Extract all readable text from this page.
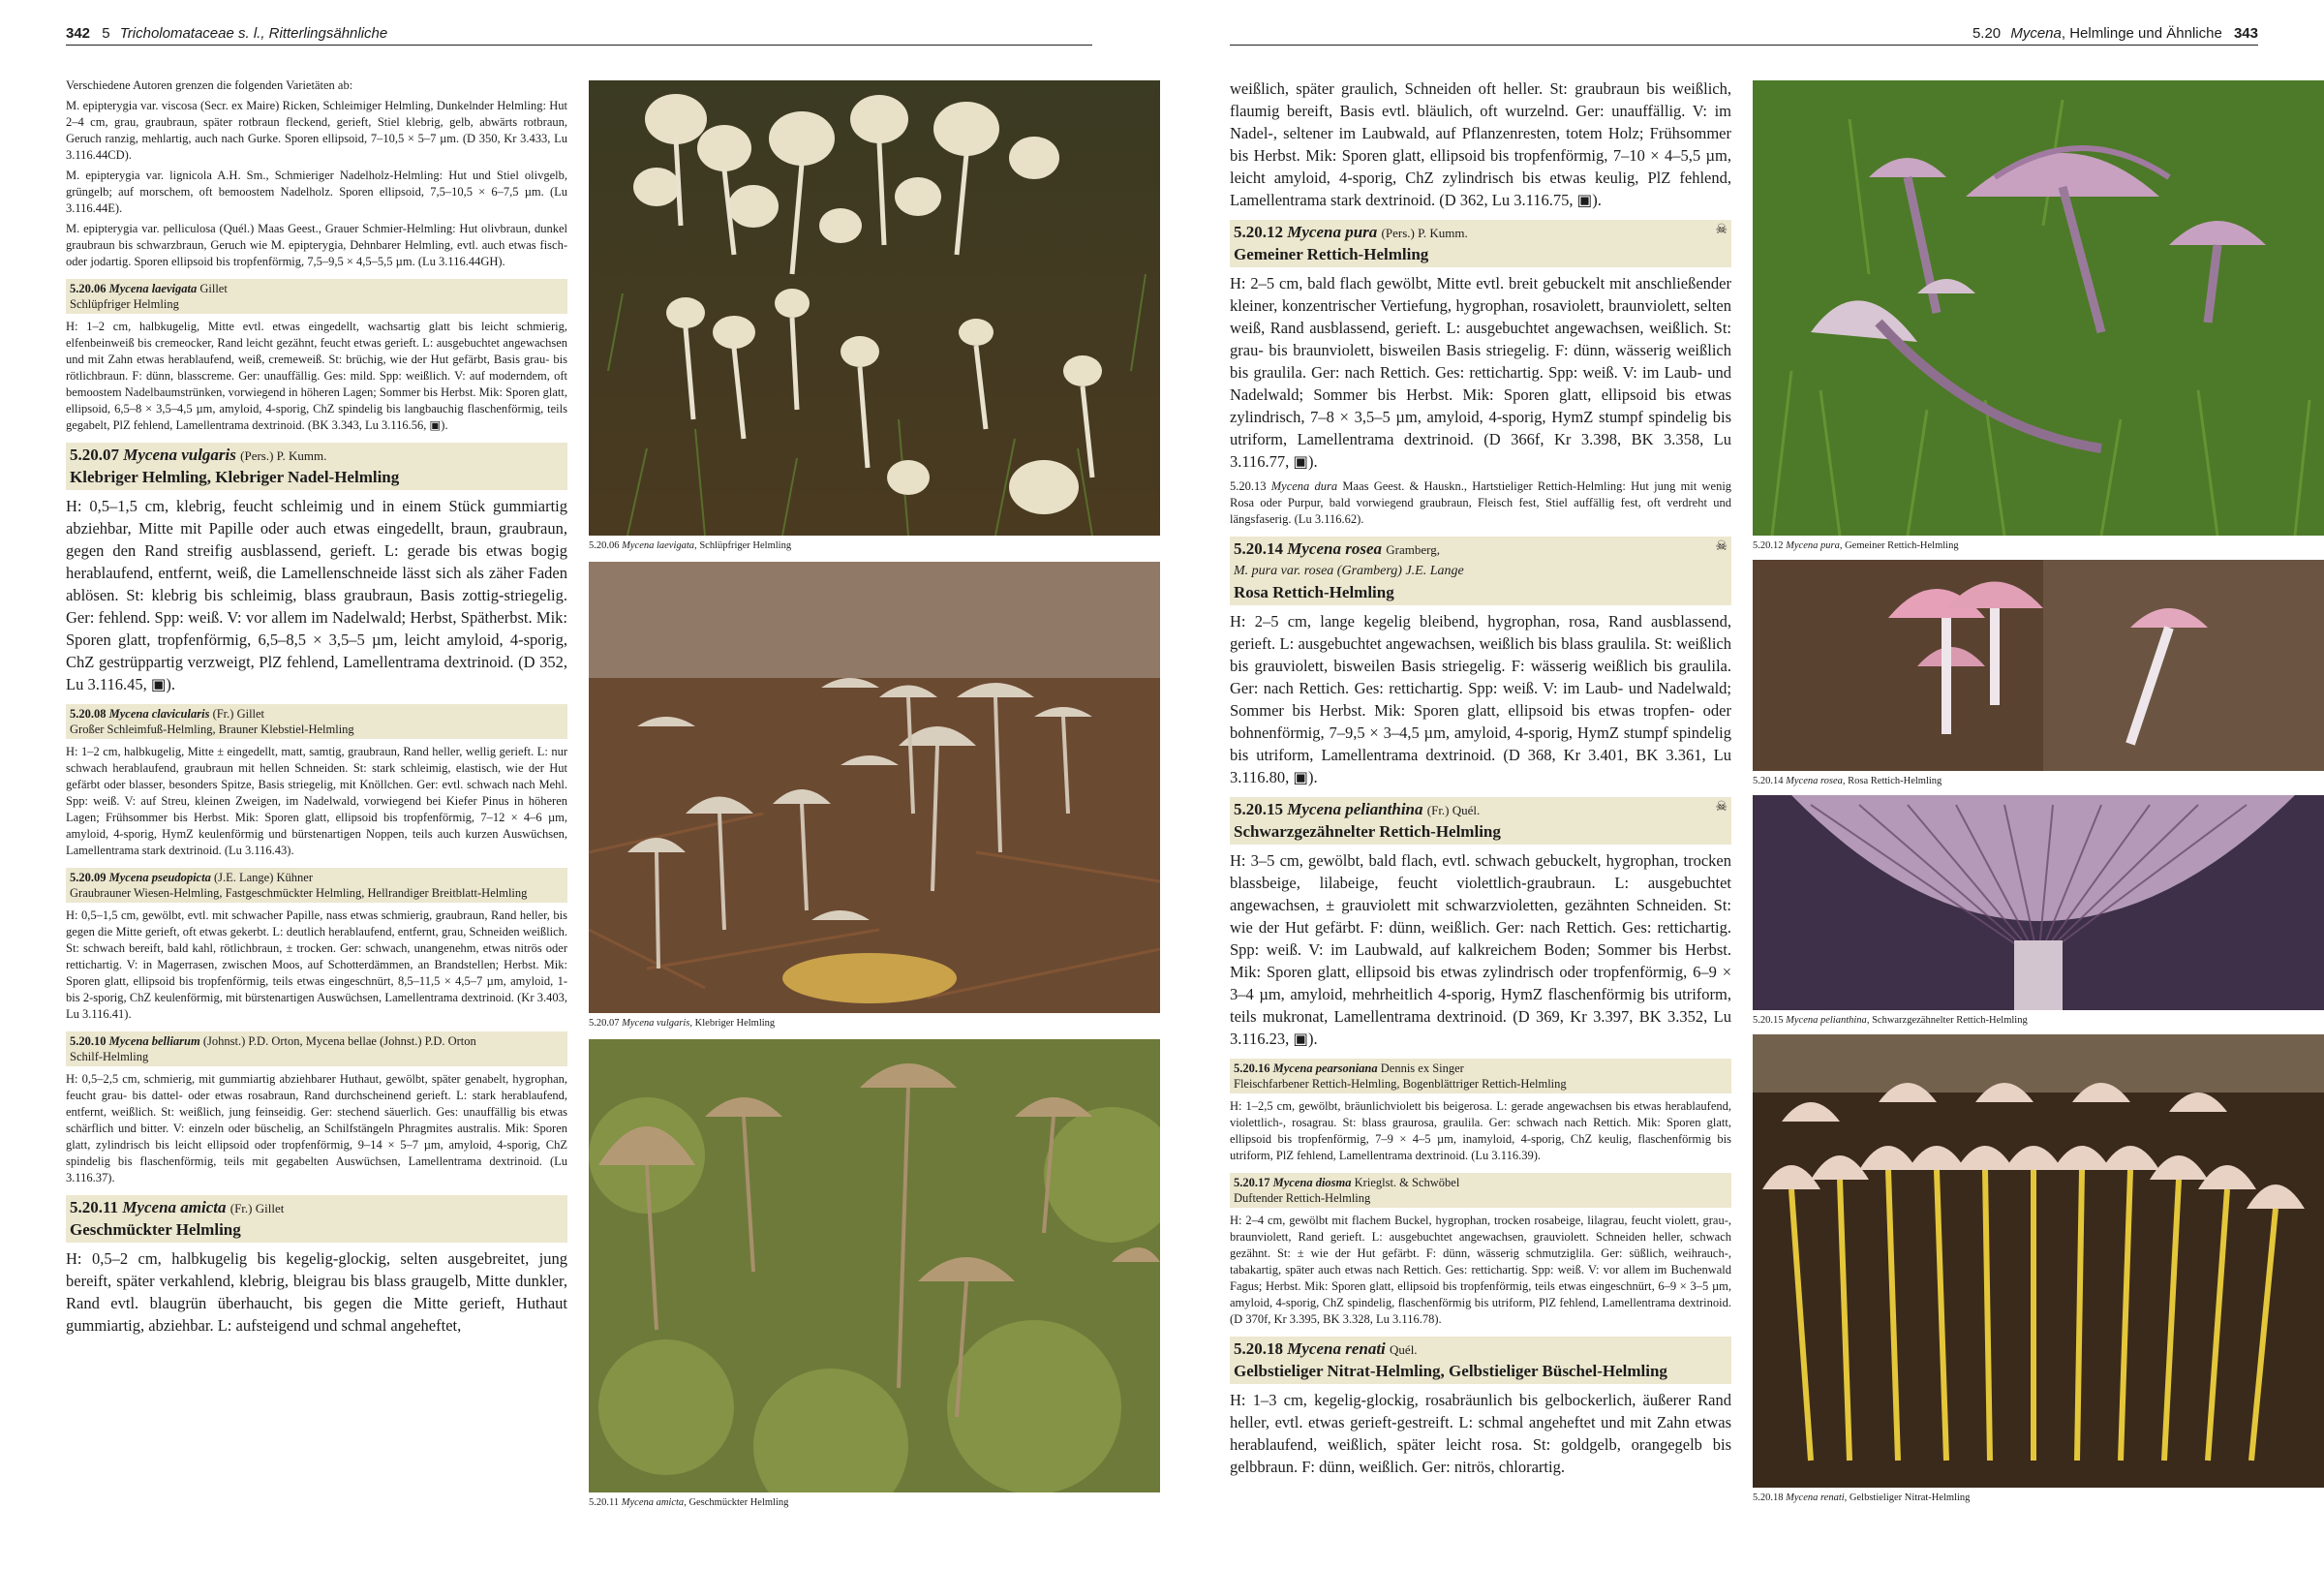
342 5 Tricholomataceae s. l., Ritterlingsähnliche

Verschiedene Autoren grenzen die folgenden Varietäten ab:

M. epipterygia var. viscosa (Secr. ex Maire) Ricken, Schleimiger Helmling, Dunkelnder Helmling: Hut 2–4 cm, grau, graubraun, später rotbraun fleckend, gerieft, Stiel klebrig, gelb, abwärts rotbraun, Geruch ranzig, mehlartig, auch nach Gurke. Sporen ellipsoid, 7–10,5 × 5–7 µm. (D 350, Kr 3.433, Lu 3.116.44CD).

M. epipterygia var. lignicola A.H. Sm., Schmieriger Nadelholz-Helmling: Hut und Stiel olivgelb, grüngelb; auf morschem, oft bemoostem Nadelholz. Sporen ellipsoid, 7,5–10,5 × 6–7,5 µm. (Lu 3.116.44E).

M. epipterygia var. pelliculosa (Quél.) Maas Geest., Grauer Schmier-Helmling: Hut olivbraun, dunkel graubraun bis schwarzbraun, Geruch wie M. epipterygia, Dehnbarer Helmling, evtl. auch etwas fisch- oder jodartig. Sporen ellipsoid bis tropfenförmig, 7,5–9,5 × 4,5–5,5 µm. (Lu 3.116.44GH).

5.20.06 Mycena laevigata Gillet
Schlüpfriger Helmling

H: 1–2 cm, halbkugelig, Mitte evtl. etwas eingedellt, wachsartig glatt bis leicht schmierig, elfenbeinweiß bis cremeocker, Rand leicht gezähnt, feucht etwas gerieft. L: ausgebuchtet angewachsen und mit Zahn etwas herablaufend, weiß, cremeweiß. St: brüchig, wie der Hut gefärbt, Basis grau- bis rötlichbraun. F: dünn, blasscreme. Ger: unauffällig. Ges: mild. Spp: weißlich. V: auf moderndem, oft bemoostem Nadelbaumstrünken, vorwiegend in höheren Lagen; Sommer bis Herbst. Mik: Sporen glatt, ellipsoid, 6,5–8 × 3,5–4,5 µm, amyloid, 4-sporig, ChZ spindelig bis langbauchig flaschenförmig, teils gegabelt, PlZ fehlend, Lamellentrama dextrinoid. (BK 3.343, Lu 3.116.56, ▣).

5.20.07 Mycena vulgaris (Pers.) P. Kumm.
Klebriger Helmling, Klebriger Nadel-Helmling

H: 0,5–1,5 cm, klebrig, feucht schleimig und in einem Stück gummiartig abziehbar, Mitte mit Papille oder auch etwas eingedellt, braun, graubraun, gegen den Rand streifig ausblassend, gerieft. L: gerade bis etwas bogig herablaufend, entfernt, weiß, die Lamellenschneide lässt sich als zäher Faden ablösen. St: klebrig bis schleimig, blass graubraun, Basis zottig-striegelig. Ger: fehlend. Spp: weiß. V: vor allem im Nadelwald; Herbst, Spätherbst. Mik: Sporen glatt, tropfenförmig, 6,5–8,5 × 3,5–5 µm, leicht amyloid, 4-sporig, ChZ gestrüppartig verzweigt, PlZ fehlend, Lamellentrama dextrinoid. (D 352, Lu 3.116.45, ▣).

5.20.08 Mycena clavicularis (Fr.) Gillet
Großer Schleimfuß-Helmling, Brauner Klebstiel-Helmling

H: 1–2 cm, halbkugelig, Mitte ± eingedellt, matt, samtig, graubraun, Rand heller, wellig gerieft. L: nur schwach herablaufend, graubraun mit hellen Schneiden. St: stark schleimig, elastisch, wie der Hut gefärbt oder blasser, besonders Spitze, Basis striegelig, mit Knöllchen. Ger: evtl. schwach nach Mehl. Spp: weiß. V: auf Streu, kleinen Zweigen, im Nadelwald, vorwiegend bei Kiefer Pinus in höheren Lagen; Frühsommer bis Herbst. Mik: Sporen glatt, ellipsoid bis tropfenförmig, 7–12 × 4–6 µm, amyloid, 4-sporig, HymZ keulenförmig und bürstenartigen Noppen, teils auch kurzen Auswüchsen, Lamellentrama stark dextrinoid. (Lu 3.116.43).

5.20.09 Mycena pseudopicta (J.E. Lange) Kühner
Graubrauner Wiesen-Helmling, Fastgeschmückter Helmling, Hellrandiger Breitblatt-Helmling

H: 0,5–1,5 cm, gewölbt, evtl. mit schwacher Papille, nass etwas schmierig, graubraun, Rand heller, bis gegen die Mitte gerieft, oft etwas gekerbt. L: deutlich herablaufend, entfernt, grau, Schneiden weißlich. St: schwach bereift, bald kahl, rötlichbraun, ± trocken. Ger: schwach, unangenehm, etwas nitrös oder rettichartig. V: in Magerrasen, zwischen Moos, auf Schotterdämmen, an Brandstellen; Herbst. Mik: Sporen glatt, ellipsoid bis tropfenförmig, teils etwas eingeschnürt, 8,5–11,5 × 4,5–7 µm, amyloid, 1- bis 2-sporig, ChZ keulenförmig, mit bürstenartigen Auswüchsen, Lamellentrama dextrinoid. (Kr 3.403, Lu 3.116.41).

5.20.10 Mycena belliarum (Johnst.) P.D. Orton, Mycena bellae (Johnst.) P.D. Orton
Schilf-Helmling

H: 0,5–2,5 cm, schmierig, mit gummiartig abziehbarer Huthaut, gewölbt, später genabelt, hygrophan, feucht grau- bis dattel- oder etwas rosabraun, Rand durchscheinend gerieft. L: stark herablaufend, entfernt, weißlich. St: weißlich, jung feinseidig. Ger: stechend säuerlich. Ges: unauffällig bis etwas schärflich und bitter. V: einzeln oder büschelig, an Schilfstängeln Phragmites australis. Mik: Sporen glatt, zylindrisch bis leicht ellipsoid oder tropfenförmig, 9–14 × 5–7 µm, amyloid, 4-sporig, ChZ spindelig bis flaschenförmig, teils mit gegabelten Auswüchsen, Lamellentrama dextrinoid. (Lu 3.116.37).

5.20.11 Mycena amicta (Fr.) Gillet
Geschmückter Helmling

H: 0,5–2 cm, halbkugelig bis kegelig-glockig, selten ausgebreitet, jung bereift, später verkahlend, klebrig, bleigrau bis blass graugelb, Mitte dunkler, Rand evtl. blaugrün überhaucht, bis gegen die Mitte gerieft, Huthaut gummiartig, abziehbar. L: aufsteigend und schmal angeheftet,

5.20.06 Mycena laevigata, Schlüpfriger Helmling
5.20.07 Mycena vulgaris, Klebriger Helmling
5.20.11 Mycena amicta, Geschmückter Helmling
5.20 Mycena, Helmlinge und Ähnliche 343

weißlich, später graulich, Schneiden oft heller. St: graubraun bis weißlich, flaumig bereift, Basis evtl. bläulich, oft wurzelnd. Ger: unauffällig. V: im Nadel-, seltener im Laubwald, auf Pflanzenresten, totem Holz; Frühsommer bis Herbst. Mik: Sporen glatt, ellipsoid bis tropfenförmig, 7–10 × 4–5,5 µm, leicht amyloid, 4-sporig, ChZ zylindrisch bis etwas keulig, PlZ fehlend, Lamellentrama stark dextrinoid. (D 362, Lu 3.116.75, ▣).

☠
5.20.12 Mycena pura (Pers.) P. Kumm.
Gemeiner Rettich-Helmling

H: 2–5 cm, bald flach gewölbt, Mitte evtl. breit gebuckelt mit anschließender kleiner, konzentrischer Vertiefung, hygrophan, rosaviolett, braunviolett, selten weiß, Rand ausblassend, gerieft. L: ausgebuchtet angewachsen, weißlich. St: grau- bis braunviolett, bisweilen Basis striegelig. F: dünn, wässerig weißlich bis graulila. Ger: nach Rettich. Ges: rettichartig. Spp: weiß. V: im Laub- und Nadelwald; Sommer bis Herbst. Mik: Sporen glatt, ellipsoid bis etwas zylindrisch, 7–8 × 3,5–5 µm, amyloid, 4-sporig, HymZ stumpf spindelig bis utriform, Lamellentrama dextrinoid. (D 366f, Kr 3.398, BK 3.358, Lu 3.116.77, ▣).

5.20.13 Mycena dura Maas Geest. & Hauskn., Hartstieliger Rettich-Helmling: Hut jung mit wenig Rosa oder Purpur, bald vorwiegend graubraun, Fleisch fest, Stiel auffällig fest, oft verdreht und längsfaserig. (Lu 3.116.62).

☠
5.20.14 Mycena rosea Gramberg,
M. pura var. rosea (Gramberg) J.E. Lange
Rosa Rettich-Helmling

H: 2–5 cm, lange kegelig bleibend, hygrophan, rosa, Rand ausblassend, gerieft. L: ausgebuchtet angewachsen, weißlich bis blass graulila. St: weißlich bis grauviolett, bisweilen Basis striegelig. F: wässerig weißlich bis graulila. Ger: nach Rettich. Ges: rettichartig. Spp: weiß. V: im Laub- und Nadelwald; Sommer bis Herbst. Mik: Sporen glatt, ellipsoid bis etwas tropfen- oder bohnenförmig, 7–9,5 × 3–4,5 µm, amyloid, 4-sporig, HymZ stumpf spindelig bis utriform, Lamellentrama dextrinoid. (D 368, Kr 3.401, BK 3.361, Lu 3.116.80, ▣).

☠
5.20.15 Mycena pelianthina (Fr.) Quél.
Schwarzgezähnelter Rettich-Helmling

H: 3–5 cm, gewölbt, bald flach, evtl. schwach gebuckelt, hygrophan, trocken blassbeige, lilabeige, feucht violettlich-graubraun. L: ausgebuchtet angewachsen, ± grauviolett mit schwarzvioletten, gezähnten Schneiden. St: wie der Hut gefärbt. F: dünn, weißlich. Ger: nach Rettich. Ges: rettichartig. Spp: weiß. V: im Laubwald, auf kalkreichem Boden; Sommer bis Herbst. Mik: Sporen glatt, ellipsoid bis etwas zylindrisch oder tropfenförmig, 6–9 × 3–4 µm, amyloid, mehrheitlich 4-sporig, HymZ flaschenförmig bis utriform, teils mukronat, Lamellentrama dextrinoid. (D 369, Kr 3.397, BK 3.352, Lu 3.116.23, ▣).

5.20.16 Mycena pearsoniana Dennis ex Singer
Fleischfarbener Rettich-Helmling, Bogenblättriger Rettich-Helmling

H: 1–2,5 cm, gewölbt, bräunlichviolett bis beigerosa. L: gerade angewachsen bis etwas herablaufend, violettlich-, rosagrau. St: blass graurosa, graulila. Ger: schwach nach Rettich. Mik: Sporen glatt, ellipsoid bis tropfenförmig, 7–9 × 4–5 µm, inamyloid, 4-sporig, ChZ keulig, flaschenförmig bis utriform, PlZ fehlend, Lamellentrama dextrinoid. (Lu 3.116.39).

5.20.17 Mycena diosma Krieglst. & Schwöbel
Duftender Rettich-Helmling

H: 2–4 cm, gewölbt mit flachem Buckel, hygrophan, trocken rosabeige, lilagrau, feucht violett, grau-, braunviolett, Rand gerieft. L: ausgebuchtet angewachsen, grauviolett. Schneiden heller, schwach gezähnt. St: ± wie der Hut gefärbt. F: dünn, wässerig schmutziglila. Ger: süßlich, weihrauch-, tabakartig, später auch etwas nach Rettich. Ges: rettichartig. Spp: weiß. V: vor allem im Buchenwald Fagus; Herbst. Mik: Sporen glatt, ellipsoid bis tropfenförmig, teils etwas eingeschnürt, 6–9 × 3–5 µm, amyloid, 4-sporig, ChZ spindelig, flaschenförmig bis utriform, PlZ fehlend, Lamellentrama dextrinoid. (D 370f, Kr 3.395, BK 3.328, Lu 3.116.78).

5.20.18 Mycena renati Quél.
Gelbstieliger Nitrat-Helmling, Gelbstieliger Büschel-Helmling

H: 1–3 cm, kegelig-glockig, rosabräunlich bis gelbockerlich, äußerer Rand heller, evtl. etwas gerieft-gestreift. L: schmal angeheftet und mit Zahn etwas herablaufend, weißlich, später leicht rosa. St: goldgelb, orangegelb bis gelbbraun. F: dünn, weißlich. Ger: nitrös, chlorartig.

5.20.12 Mycena pura, Gemeiner Rettich-Helmling
5.20.14 Mycena rosea, Rosa Rettich-Helmling
5.20.15 Mycena pelianthina, Schwarzgezähnelter Rettich-Helmling
5.20.18 Mycena renati, Gelbstieliger Nitrat-Helmling
